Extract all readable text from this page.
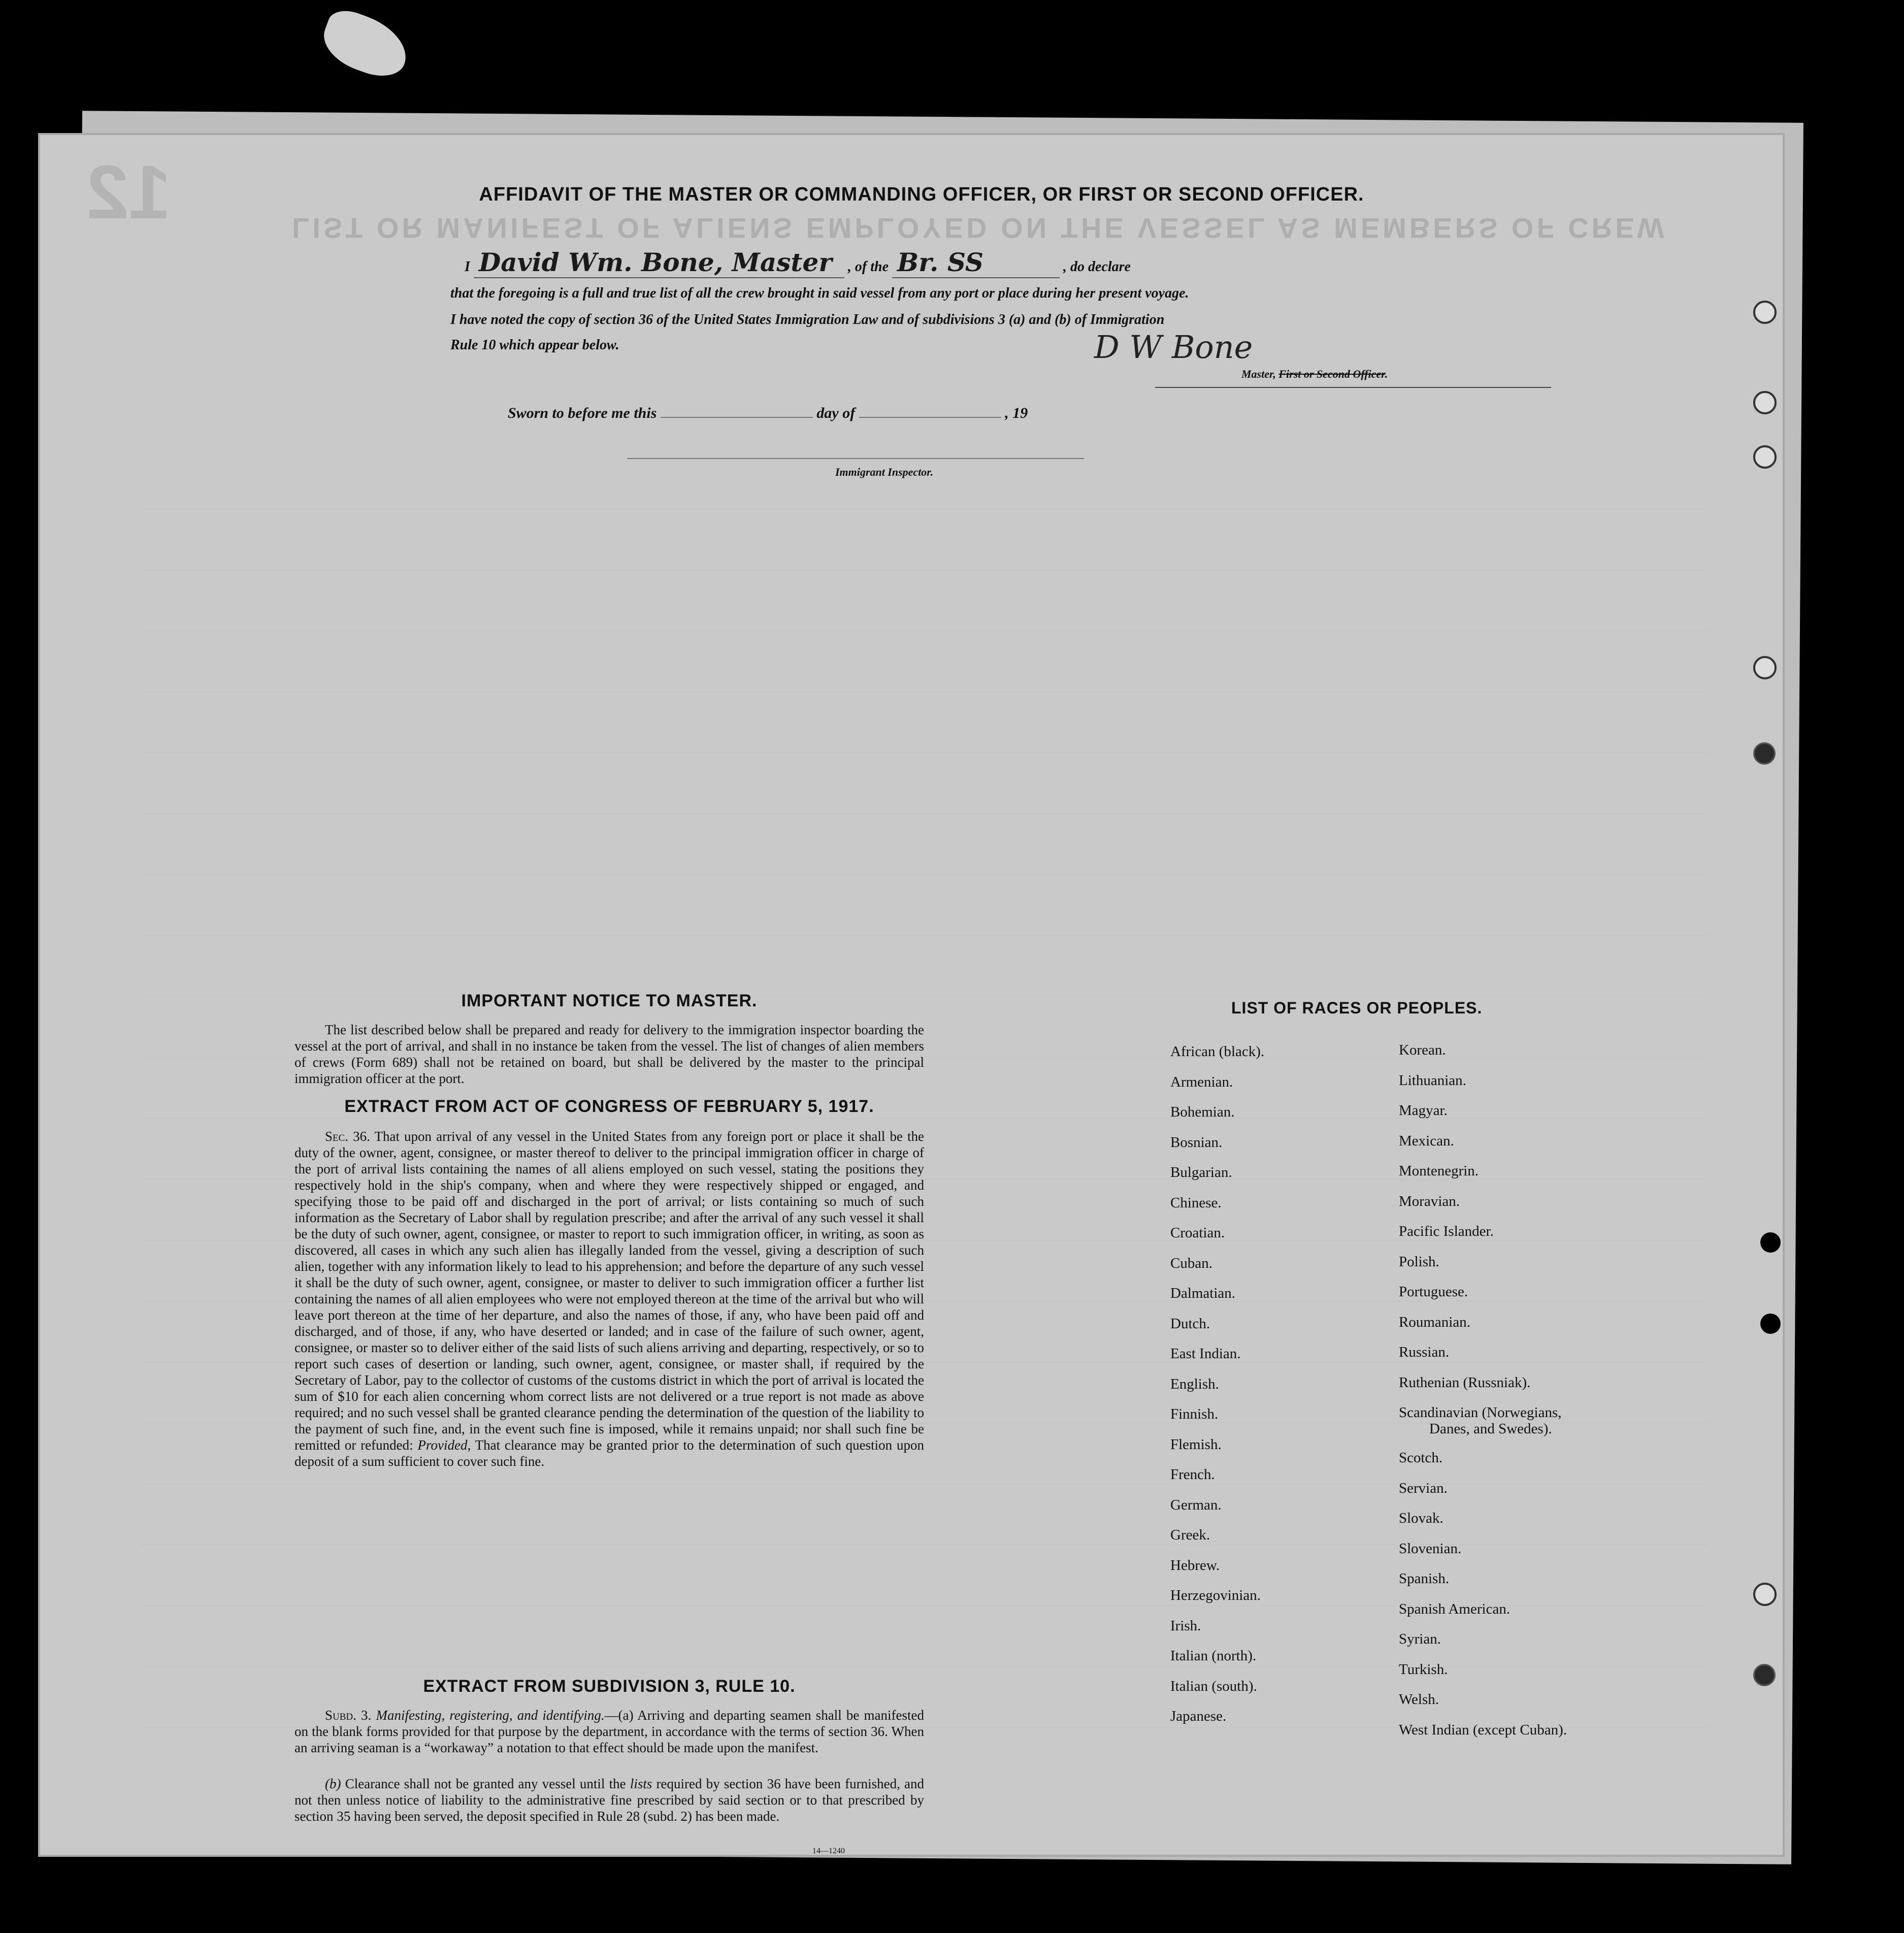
LIST OR MANIFEST OF ALIENS EMPLOYED ON THE VESSEL AS MEMBERS OF CREW
12	AFFIDAVIT OF THE MASTER OR COMMANDING OFFICER, OR FIRST OR SECOND OFFICER.
I David Wm. Bone, Master , of the Br. SS	, do declare
that the foregoing is a full and true list of all the crew brought in said vessel from any port or place during her present voyage.
I have noted the copy of section 36 of the United States Immigration Law and of subdivisions 3 (a) and (b) of Immigration
Rule 10 which appear below.	D W Bone
Master, First or Second Officer.
Sworn to before me this	day of	, 19
Immigrant Inspector.
IMPORTANT NOTICE TO MASTER.
The list described below shall be prepared and ready for delivery to the immigration inspector boarding the vessel at the port of arrival, and shall in no instance be taken from the vessel. The list of changes of alien members of crews (Form 689) shall not be retained on board, but shall be delivered by the master to the principal immigration officer at the port.
EXTRACT FROM ACT OF CONGRESS OF FEBRUARY 5, 1917.
Sec. 36. That upon arrival of any vessel in the United States from any foreign port or place it shall be the duty of the owner, agent, consignee, or master thereof to deliver to the principal immigration officer in charge of the port of arrival lists containing the names of all aliens employed on such vessel, stating the positions they respectively hold in the ship's company, when and where they were respectively shipped or engaged, and specifying those to be paid off and discharged in the port of arrival; or lists containing so much of such information as the Secretary of Labor shall by regulation prescribe; and after the arrival of any such vessel it shall be the duty of such owner, agent, consignee, or master to report to such immigration officer, in writing, as soon as discovered, all cases in which any such alien has illegally landed from the vessel, giving a description of such alien, together with any information likely to lead to his apprehension; and before the departure of any such vessel it shall be the duty of such owner, agent, consignee, or master to deliver to such immigration officer a further list containing the names of all alien employees who were not employed thereon at the time of the arrival but who will leave port thereon at the time of her departure, and also the names of those, if any, who have been paid off and discharged, and of those, if any, who have deserted or landed; and in case of the failure of such owner, agent, consignee, or master so to deliver either of the said lists of such aliens arriving and departing, respectively, or so to report such cases of desertion or landing, such owner, agent, consignee, or master shall, if required by the Secretary of Labor, pay to the collector of customs of the customs district in which the port of arrival is located the sum of $10 for each alien concerning whom correct lists are not delivered or a true report is not made as above required; and no such vessel shall be granted clearance pending the determination of the question of the liability to the payment of such fine, and, in the event such fine is imposed, while it remains unpaid; nor shall such fine be remitted or refunded: Provided, That clearance may be granted prior to the determination of such question upon deposit of a sum sufficient to cover such fine.
EXTRACT FROM SUBDIVISION 3, RULE 10.
Subd. 3. Manifesting, registering, and identifying.—(a) Arriving and departing seamen shall be manifested on the blank forms provided for that purpose by the department, in accordance with the terms of section 36. When an arriving seaman is a “workaway” a notation to that effect should be made upon the manifest.
(b) Clearance shall not be granted any vessel until the lists required by section 36 have been furnished, and not then unless notice of liability to the administrative fine prescribed by said section or to that prescribed by section 35 having been served, the deposit specified in Rule 28 (subd. 2) has been made.
14—1240
LIST OF RACES OR PEOPLES.
African (black).
Armenian.
Bohemian.
Bosnian.
Bulgarian.
Chinese.
Croatian.
Cuban.
Dalmatian.
Dutch.
East Indian.
English.
Finnish.
Flemish.
French.
German.
Greek.
Hebrew.
Herzegovinian.
Irish.
Italian (north).
Italian (south).
Japanese.
Korean.
Lithuanian.
Magyar.
Mexican.
Montenegrin.
Moravian.
Pacific Islander.
Polish.
Portuguese.
Roumanian.
Russian.
Ruthenian (Russniak).
Scandinavian (Norwegians,
Danes, and Swedes).
Scotch.
Servian.
Slovak.
Slovenian.
Spanish.
Spanish American.
Syrian.
Turkish.
Welsh.
West Indian (except Cuban).
